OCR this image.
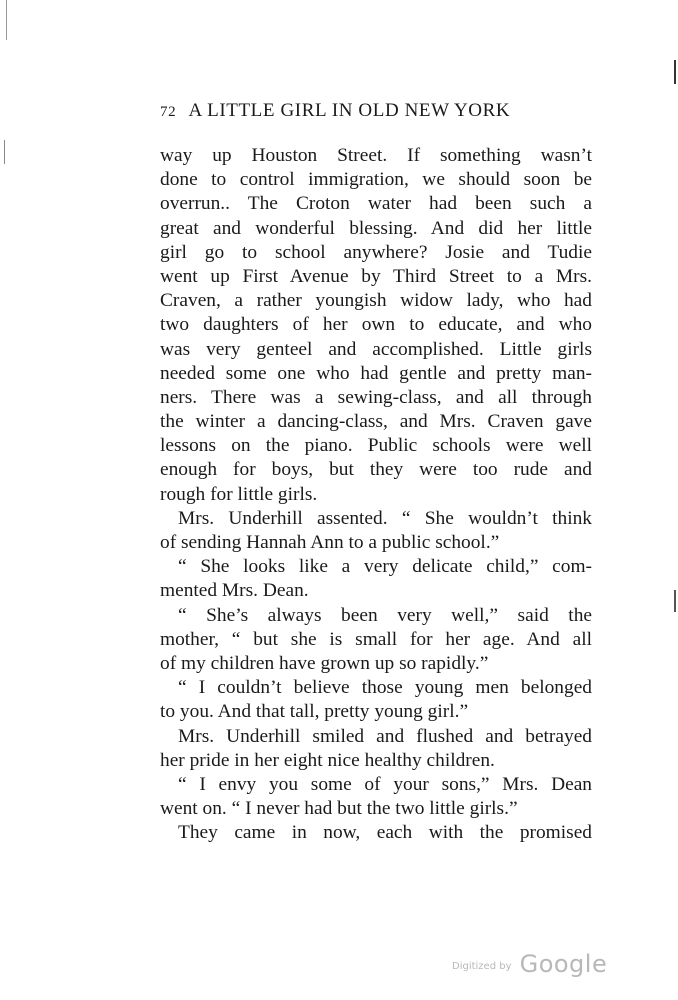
72 A LITTLE GIRL IN OLD NEW YORK
way up Houston Street. If something wasn’t
done to control immigration, we should soon be
overrun.. The Croton water had been such a
great and wonderful blessing. And did her little
girl go to school anywhere? Josie and Tudie
went up First Avenue by Third Street to a Mrs.
Craven, a rather youngish widow lady, who had
two daughters of her own to educate, and who
was very genteel and accomplished. Little girls
needed some one who had gentle and pretty man-
ners. There was a sewing-class, and all through
the winter a dancing-class, and Mrs. Craven gave
lessons on the piano. Public schools were well
enough for boys, but they were too rude and
rough for little girls.
Mrs. Underhill assented. “ She wouldn’t think
of sending Hannah Ann to a public school.”
“ She looks like a very delicate child,” com-
mented Mrs. Dean.
“ She’s always been very well,” said the
mother, “ but she is small for her age. And all
of my children have grown up so rapidly.”
“ I couldn’t believe those young men belonged
to you. And that tall, pretty young girl.”
Mrs. Underhill smiled and flushed and betrayed
her pride in her eight nice healthy children.
“ I envy you some of your sons,” Mrs. Dean
went on. “ I never had but the two little girls.”
They came in now, each with the promised
Digitized by Google
